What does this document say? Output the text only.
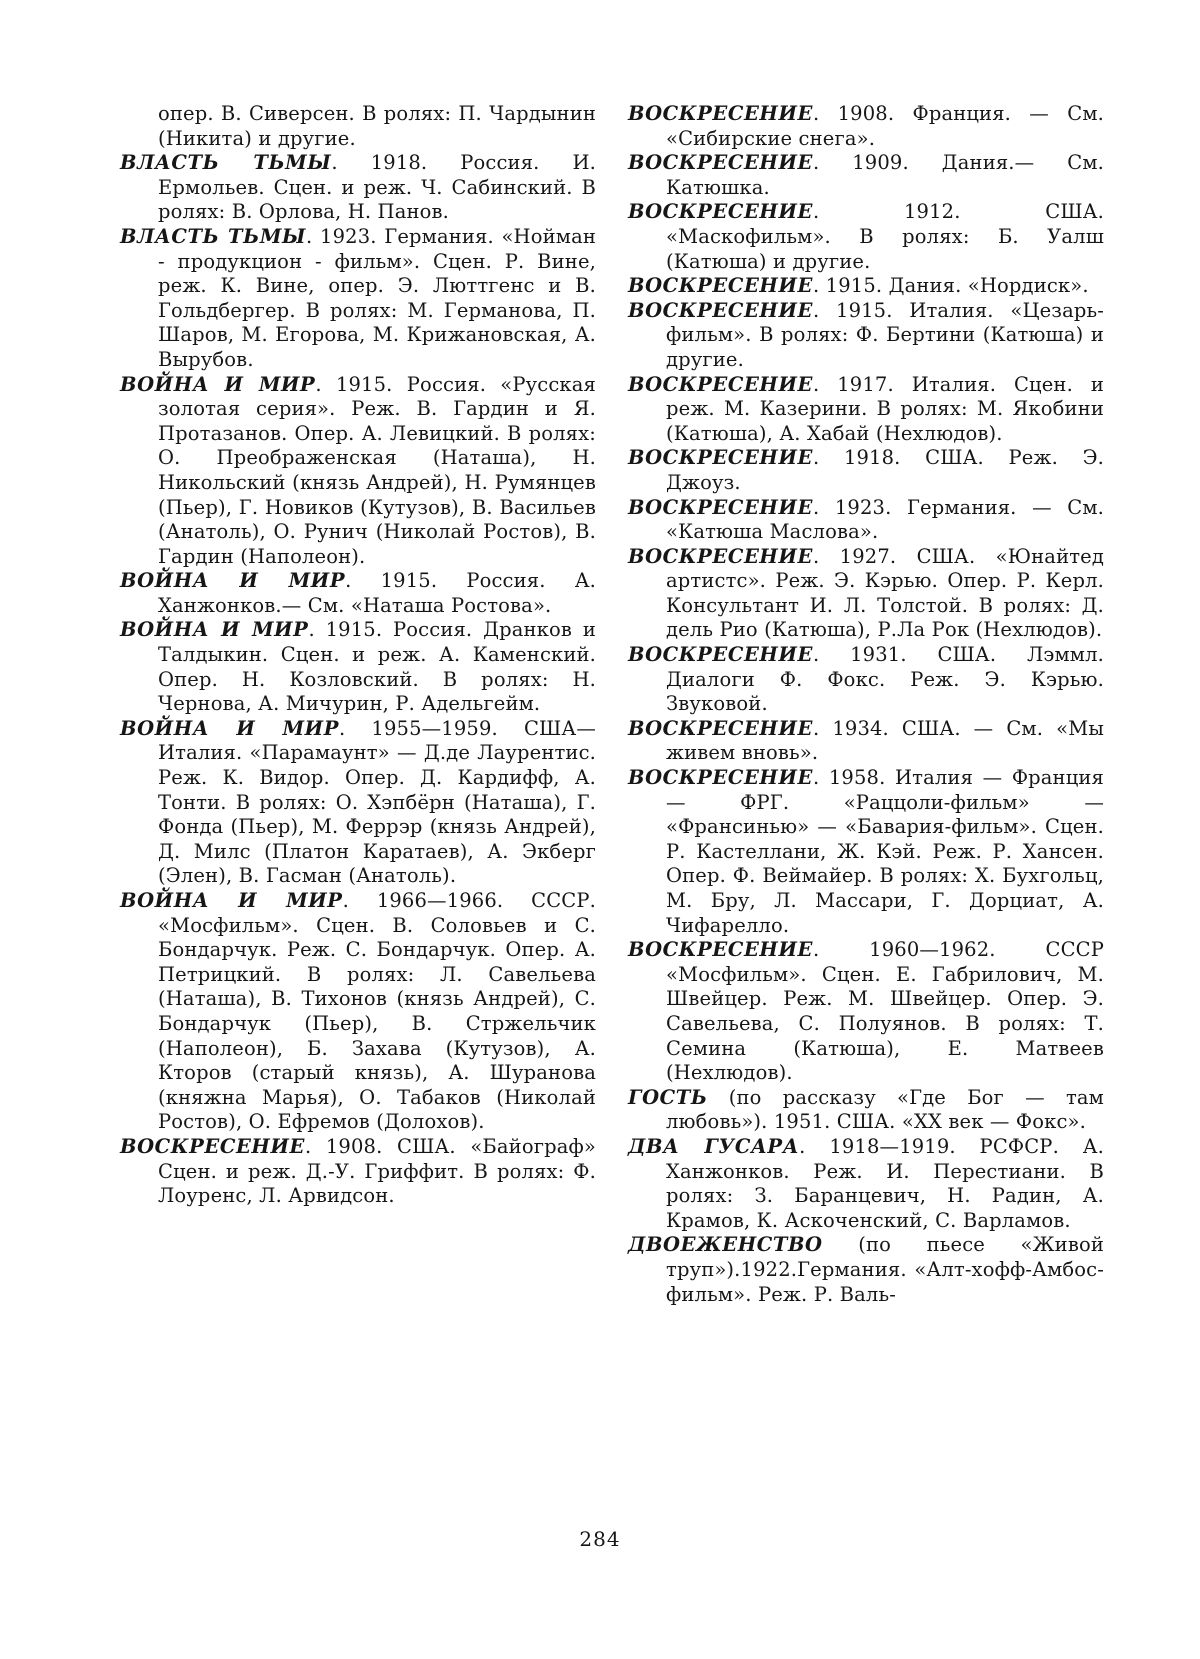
опер. В. Сиверсен. В ролях: П. Чардынин (Никита) и другие.

ВЛАСТЬ ТЬМЫ. 1918. Россия. И. Ермольев. Сцен. и реж. Ч. Сабинский. В ролях: В. Орлова, Н. Панов.

ВЛАСТЬ ТЬМЫ. 1923. Германия. «Нойман - продукцион - фильм». Сцен. Р. Вине, реж. К. Вине, опер. Э. Люттгенс и В. Гольдбергер. В ролях: М. Германова, П. Шаров, М. Егорова, М. Крижановская, А. Вырубов.

ВОЙНА И МИР. 1915. Россия. «Русская золотая серия». Реж. В. Гардин и Я. Протазанов. Опер. А. Левицкий. В ролях: О. Преображенская (Наташа), Н. Никольский (князь Андрей), Н. Румянцев (Пьер), Г. Новиков (Кутузов), В. Васильев (Анатоль), О. Рунич (Николай Ростов), В. Гардин (Наполеон).

ВОЙНА И МИР. 1915. Россия. А. Ханжонков.— См. «Наташа Ростова».

ВОЙНА И МИР. 1915. Россия. Дранков и Талдыкин. Сцен. и реж. А. Каменский. Опер. Н. Козловский. В ролях: Н. Чернова, А. Мичурин, Р. Адельгейм.

ВОЙНА И МИР. 1955—1959. США—Италия. «Парамаунт» — Д.де Лаурентис. Реж. К. Видор. Опер. Д. Кардифф, А. Тонти. В ролях: О. Хэпбёрн (Наташа), Г. Фонда (Пьер), М. Феррэр (князь Андрей), Д. Милс (Платон Каратаев), А. Экберг (Элен), В. Гасман (Анатоль).

ВОЙНА И МИР. 1966—1966. СССР. «Мосфильм». Сцен. В. Соловьев и С. Бондарчук. Реж. С. Бондарчук. Опер. А. Петрицкий. В ролях: Л. Савельева (Наташа), В. Тихонов (князь Андрей), С. Бондарчук (Пьер), В. Стржельчик (Наполеон), Б. Захава (Кутузов), А. Кторов (старый князь), А. Шуранова (княжна Марья), О. Табаков (Николай Ростов), О. Ефремов (Долохов).

ВОСКРЕСЕНИЕ. 1908. США. «Байограф» Сцен. и реж. Д.-У. Гриффит. В ролях: Ф. Лоуренс, Л. Арвидсон.

ВОСКРЕСЕНИЕ. 1908. Франция. — См. «Сибирские снега».

ВОСКРЕСЕНИЕ. 1909. Дания.— См. Катюшка.

ВОСКРЕСЕНИЕ. 1912. США. «Маскофильм». В ролях: Б. Уалш (Катюша) и другие.

ВОСКРЕСЕНИЕ. 1915. Дания. «Нордиск».

ВОСКРЕСЕНИЕ. 1915. Италия. «Цезарь-фильм». В ролях: Ф. Бертини (Катюша) и другие.

ВОСКРЕСЕНИЕ. 1917. Италия. Сцен. и реж. М. Казерини. В ролях: М. Якобини (Катюша), А. Хабай (Нехлюдов).

ВОСКРЕСЕНИЕ. 1918. США. Реж. Э. Джоуз.

ВОСКРЕСЕНИЕ. 1923. Германия. — См. «Катюша Маслова».

ВОСКРЕСЕНИЕ. 1927. США. «Юнайтед артистс». Реж. Э. Кэрью. Опер. Р. Керл. Консультант И. Л. Толстой. В ролях: Д. дель Рио (Катюша), Р.Ла Рок (Нехлюдов).

ВОСКРЕСЕНИЕ. 1931. США. Лэммл. Диалоги Ф. Фокс. Реж. Э. Кэрью. Звуковой.

ВОСКРЕСЕНИЕ. 1934. США. — См. «Мы живем вновь».

ВОСКРЕСЕНИЕ. 1958. Италия — Франция — ФРГ. «Раццоли-фильм» — «Франсинью» — «Бавария-фильм». Сцен. Р. Кастеллани, Ж. Кэй. Реж. Р. Хансен. Опер. Ф. Веймайер. В ролях: Х. Бухгольц, М. Бру, Л. Массари, Г. Дорциат, А. Чифарелло.

ВОСКРЕСЕНИЕ. 1960—1962. СССР «Мосфильм». Сцен. Е. Габрилович, М. Швейцер. Реж. М. Швейцер. Опер. Э. Савельева, С. Полуянов. В ролях: Т. Семина (Катюша), Е. Матвеев (Нехлюдов).

ГОСТЬ (по рассказу «Где Бог — там любовь»). 1951. США. «XX век — Фокс».

ДВА ГУСАРА. 1918—1919. РСФСР. А. Ханжонков. Реж. И. Перестиани. В ролях: З. Баранцевич, Н. Радин, А. Крамов, К. Аскоченский, С. Варламов.

ДВОЕЖЕНСТВО (по пьесе «Живой труп»).1922.Германия. «Алт-хофф-Амбос-фильм». Реж. Р. Валь-

284
